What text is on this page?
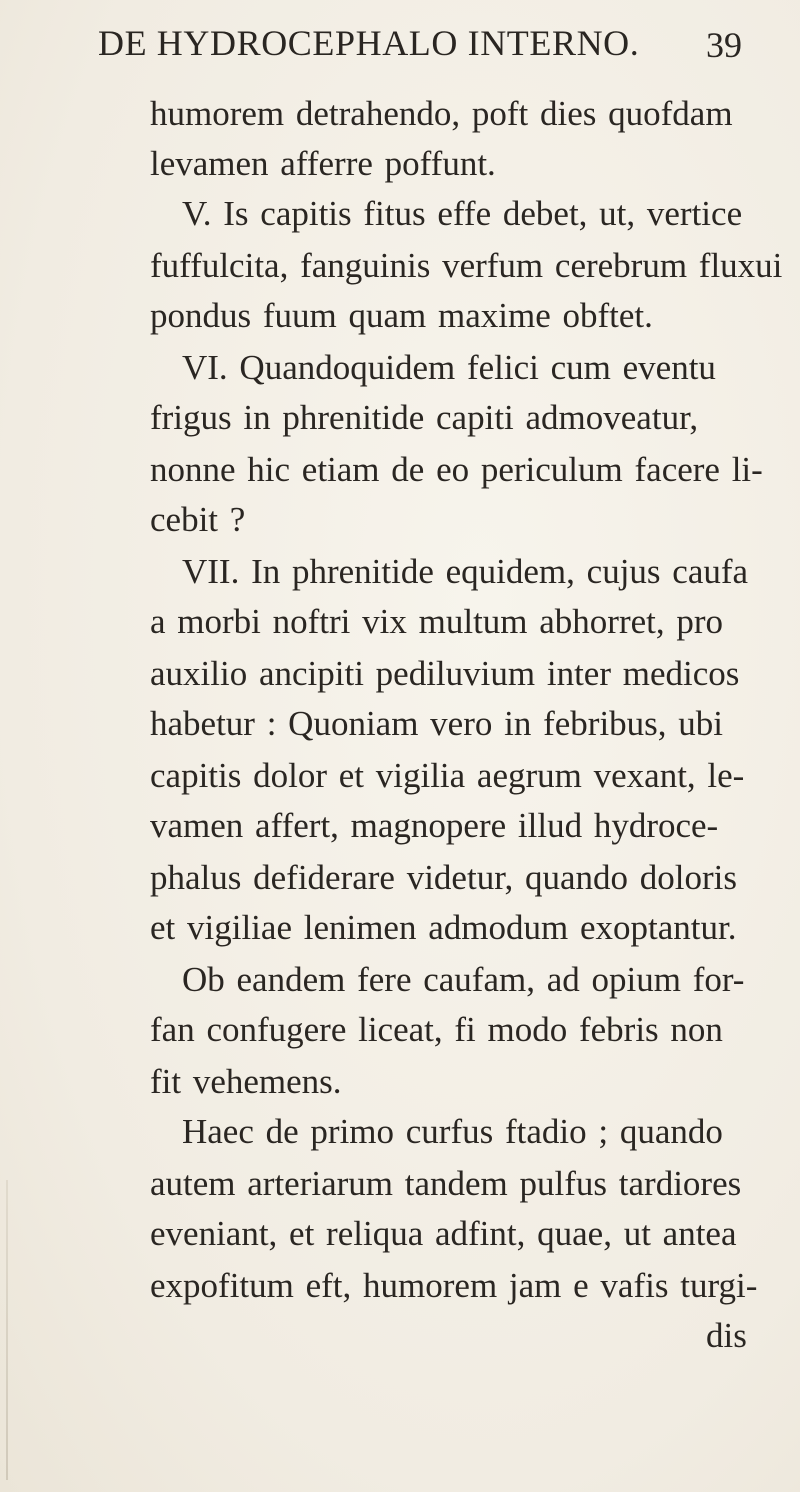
DE HYDROCEPHALO INTERNO. 39
humorem detrahendo, poft dies quofdam
levamen afferre poffunt.
V. Is capitis fitus effe debet, ut, vertice
fuffulcita, fanguinis verfum cerebrum fluxui
pondus fuum quam maxime obftet.
VI. Quandoquidem felici cum eventu
frigus in phrenitide capiti admoveatur,
nonne hic etiam de eo periculum facere li-
cebit ?
VII. In phrenitide equidem, cujus caufa
a morbi noftri vix multum abhorret, pro
auxilio ancipiti pediluvium inter medicos
habetur : Quoniam vero in febribus, ubi
capitis dolor et vigilia aegrum vexant, le-
vamen affert, magnopere illud hydroce-
phalus defiderare videtur, quando doloris
et vigiliae lenimen admodum exoptantur.
Ob eandem fere caufam, ad opium for-
fan confugere liceat, fi modo febris non
fit vehemens.
Haec de primo curfus ftadio ; quando
autem arteriarum tandem pulfus tardiores
eveniant, et reliqua adfint, quae, ut antea
expofitum eft, humorem jam e vafis turgi-
dis
